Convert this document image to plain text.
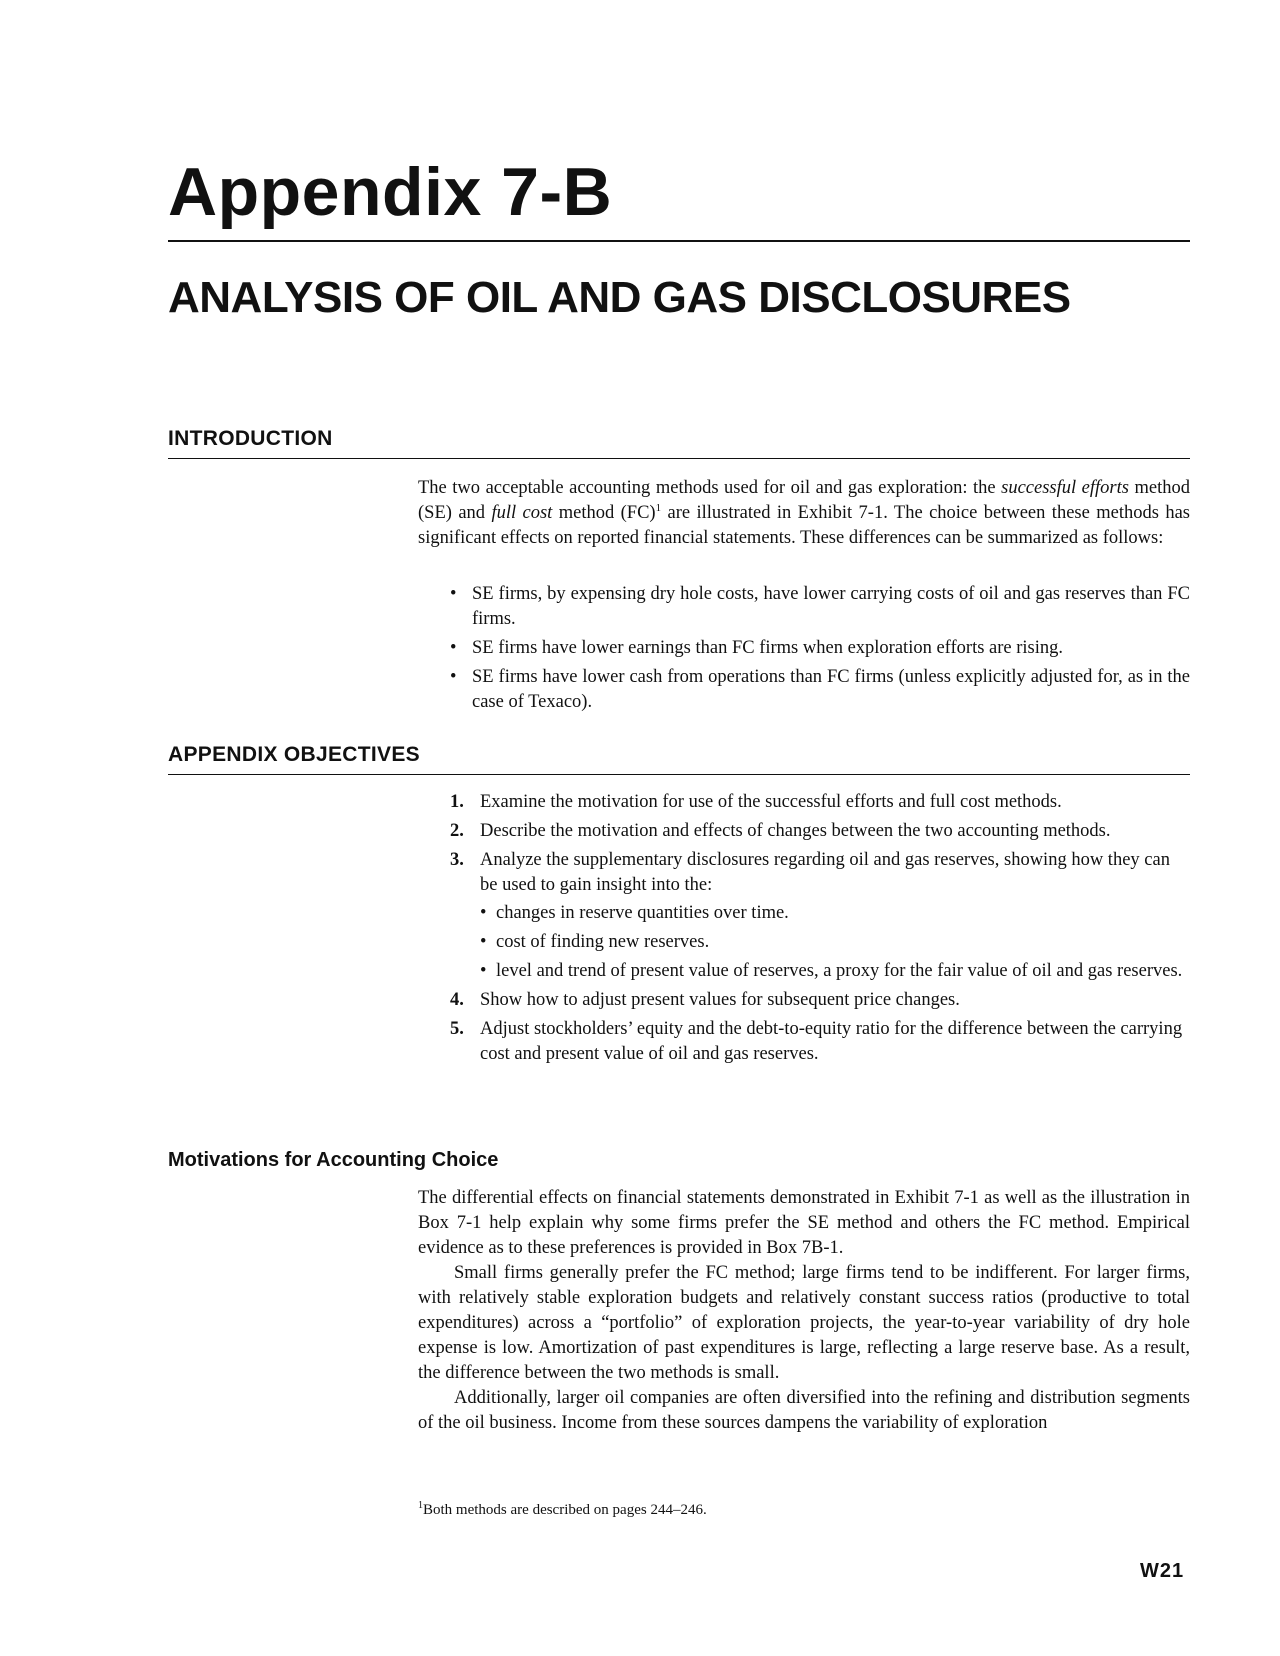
Appendix 7-B
ANALYSIS OF OIL AND GAS DISCLOSURES
INTRODUCTION

The two acceptable accounting methods used for oil and gas exploration: the successful efforts method (SE) and full cost method (FC)$^1$ are illustrated in Exhibit 7-1. The choice between these methods has significant effects on reported financial statements. These differences can be summarized as follows:

• SE firms, by expensing dry hole costs, have lower carrying costs of oil and gas reserves than FC firms.
• SE firms have lower earnings than FC firms when exploration efforts are rising.
• SE firms have lower cash from operations than FC firms (unless explicitly adjusted for, as in the case of Texaco).
APPENDIX OBJECTIVES
1. Examine the motivation for use of the successful efforts and full cost methods.
2. Describe the motivation and effects of changes between the two accounting methods.
3. Analyze the supplementary disclosures regarding oil and gas reserves, showing how they can be used to gain insight into the:
• changes in reserve quantities over time.
• cost of finding new reserves.
• level and trend of present value of reserves, a proxy for the fair value of oil and gas reserves.
4. Show how to adjust present values for subsequent price changes.
5. Adjust stockholders’ equity and the debt-to-equity ratio for the difference between the carrying cost and present value of oil and gas reserves.
Motivations for Accounting Choice

The differential effects on financial statements demonstrated in Exhibit 7-1 as well as the illustration in Box 7-1 help explain why some firms prefer the SE method and others the FC method. Empirical evidence as to these preferences is provided in Box 7B-1.

Small firms generally prefer the FC method; large firms tend to be indifferent. For larger firms, with relatively stable exploration budgets and relatively constant success ratios (productive to total expenditures) across a “portfolio” of exploration projects, the year-to-year variability of dry hole expense is low. Amortization of past expenditures is large, reflecting a large reserve base. As a result, the difference between the two methods is small.

Additionally, larger oil companies are often diversified into the refining and distribution segments of the oil business. Income from these sources dampens the variability of exploration

$^1$Both methods are described on pages 244–246.
W21
